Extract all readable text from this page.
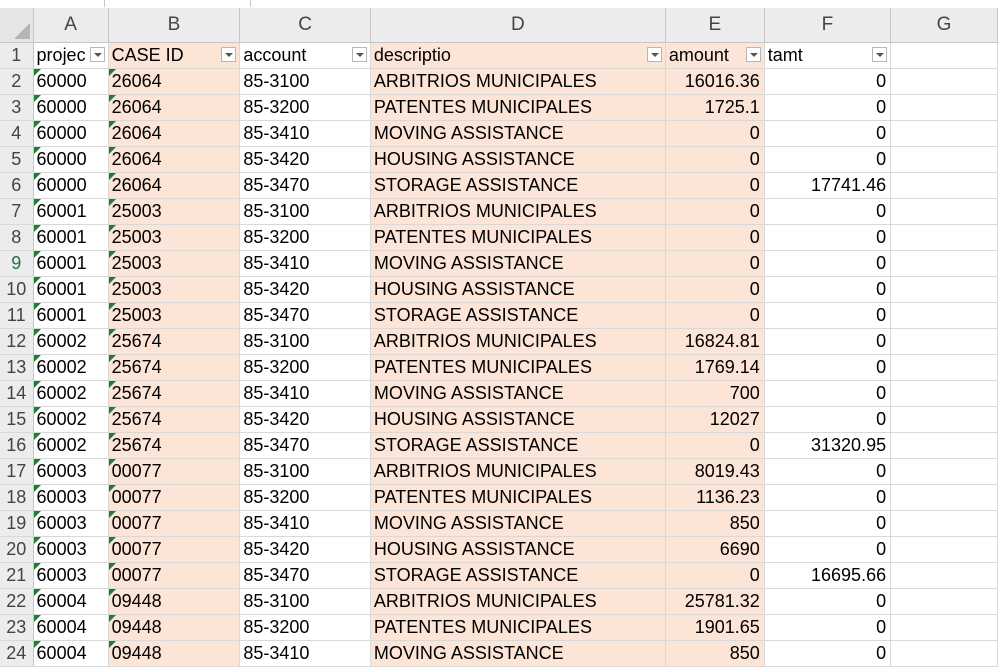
	A	B	C	D	E	F	G
1	projec	CASE ID	account	descriptio	amount	tamt

2	60000	26064	85-3100	ARBITRIOS MUNICIPALES	16016.36	0	
3	60000	26064	85-3200	PATENTES MUNICIPALES	1725.1	0	
4	60000	26064	85-3410	MOVING ASSISTANCE	0	0	
5	60000	26064	85-3420	HOUSING ASSISTANCE	0	0	
6	60000	26064	85-3470	STORAGE ASSISTANCE	0	17741.46	
7	60001	25003	85-3100	ARBITRIOS MUNICIPALES	0	0	
8	60001	25003	85-3200	PATENTES MUNICIPALES	0	0	
9	60001	25003	85-3410	MOVING ASSISTANCE	0	0	
10	60001	25003	85-3420	HOUSING ASSISTANCE	0	0	
11	60001	25003	85-3470	STORAGE ASSISTANCE	0	0	
12	60002	25674	85-3100	ARBITRIOS MUNICIPALES	16824.81	0	
13	60002	25674	85-3200	PATENTES MUNICIPALES	1769.14	0	
14	60002	25674	85-3410	MOVING ASSISTANCE	700	0	
15	60002	25674	85-3420	HOUSING ASSISTANCE	12027	0	
16	60002	25674	85-3470	STORAGE ASSISTANCE	0	31320.95	
17	60003	00077	85-3100	ARBITRIOS MUNICIPALES	8019.43	0	
18	60003	00077	85-3200	PATENTES MUNICIPALES	1136.23	0	
19	60003	00077	85-3410	MOVING ASSISTANCE	850	0	
20	60003	00077	85-3420	HOUSING ASSISTANCE	6690	0	
21	60003	00077	85-3470	STORAGE ASSISTANCE	0	16695.66	
22	60004	09448	85-3100	ARBITRIOS MUNICIPALES	25781.32	0	
23	60004	09448	85-3200	PATENTES MUNICIPALES	1901.65	0	
24	60004	09448	85-3410	MOVING ASSISTANCE	850	0	
